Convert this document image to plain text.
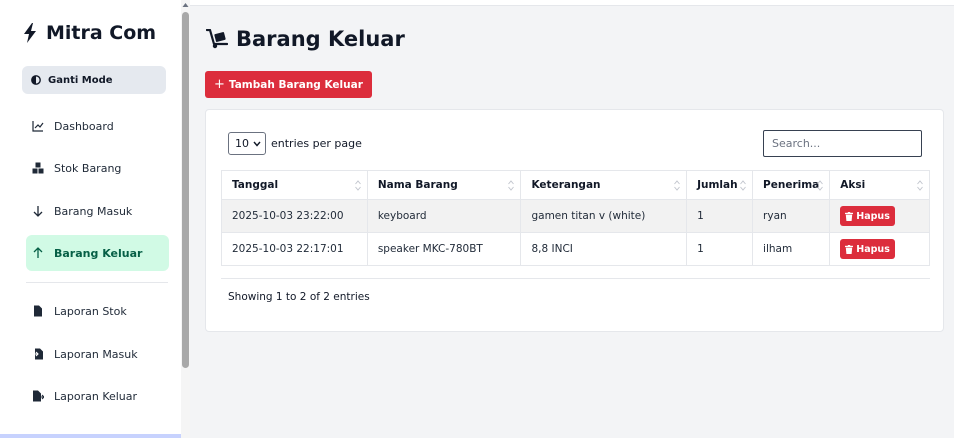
Mitra Com
Ganti Mode
Dashboard
Stok Barang
Barang Masuk
Barang Keluar
Laporan Stok
Laporan Masuk
Laporan Keluar
Barang Keluar
+ Tambah Barang Keluar
10 entries per page
Search...
Tanggal	Nama Barang	Keterangan	Jumlah	Penerima	Aksi

2025-10-03 23:22:00	keyboard	gamen titan v (white)	1	ryan	Hapus

2025-10-03 22:17:01	speaker MKC-780BT	8,8 INCI	1	ilham	Hapus
Showing 1 to 2 of 2 entries
